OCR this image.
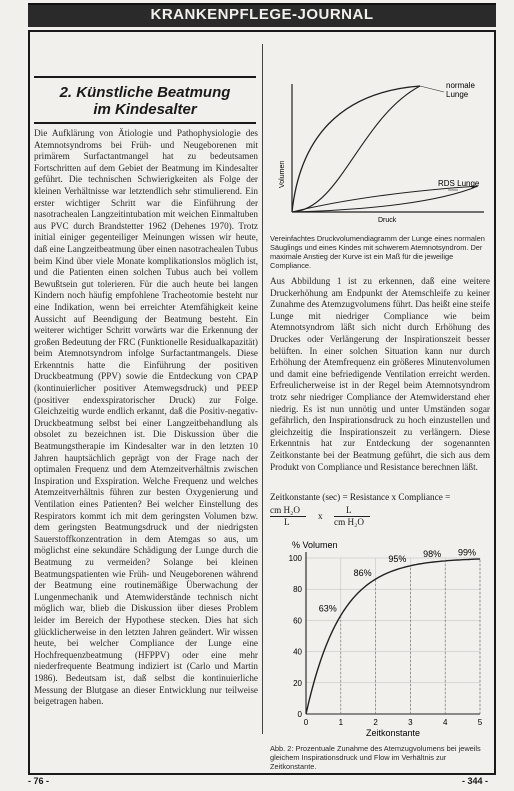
KRANKENPFLEGE-JOURNAL
2. Künstliche Beatmung
im Kindesalter
Die Aufklärung von Ätiologie und Pathophysiologie des Atemnotsyndroms bei Früh- und Neugeborenen mit primärem Surfactantmangel hat zu bedeutsamen Fortschritten auf dem Gebiet der Beatmung im Kindesalter geführt. Die technischen Schwierigkeiten als Folge der kleinen Verhältnisse war letztendlich sehr stimulierend. Ein erster wichtiger Schritt war die Einführung der nasotrachealen Langzeitintubation mit weichen Einmaltuben aus PVC durch Brandstetter 1962 (Dehenes 1970). Trotz initial einiger gegenteiliger Meinungen wissen wir heute, daß eine Langzeitbeatmung über einen nasotrachealen Tubus beim Kind über viele Monate komplikationslos möglich ist, und die Patienten einen solchen Tubus auch bei vollem Bewußtsein gut tolerieren. Für die auch heute bei langen Kindern noch häufig empfohlene Tracheotomie besteht nur eine Indikation, wenn bei erreichter Atemfähigkeit keine Aussicht auf Beendigung der Beatmung besteht. Ein weiterer wichtiger Schritt vorwärts war die Erkennung der großen Bedeutung der FRC (Funktionelle Residualkapazität) beim Atemnotsyndrom infolge Surfactantmangels. Diese Erkenntnis hatte die Einführung der positiven Druckbeatmung (PPV) sowie die Entdeckung von CPAP (kontinuierlicher positiver Atemwegsdruck) und PEEP (positiver endexspiratorischer Druck) zur Folge. Gleichzeitig wurde endlich erkannt, daß die Positiv-negativ-Druckbeatmung selbst bei einer Langzeitbehandlung als obsolet zu bezeichnen ist. Die Diskussion über die Beatmungstherapie im Kindesalter war in den letzten 10 Jahren hauptsächlich geprägt von der Frage nach der optimalen Frequenz und dem Atemzeitverhältnis zwischen Inspiration und Exspiration. Welche Frequenz und welches Atemzeitverhältnis führen zur besten Oxygenierung und Ventilation eines Patienten? Bei welcher Einstellung des Respirators kommt ich mit dem geringsten Volumen bzw. dem geringsten Beatmungsdruck und der niedrigsten Sauerstoffkonzentration in dem Atemgas so aus, um möglichst eine sekundäre Schädigung der Lunge durch die Beatmung zu vermeiden? Solange bei kleinen Beatmungspatienten wie Früh- und Neugeborenen während der Beatmung eine routinemäßige Überwachung der Lungenmechanik und Atemwiderstände technisch nicht möglich war, blieb die Diskussion über dieses Problem leider im Bereich der Hypothese stecken. Dies hat sich glücklicherweise in den letzten Jahren geändert. Wir wissen heute, bei welcher Compliance der Lunge eine Hochfrequenzbeatmung (HFPPV) oder eine mehr niederfrequente Beatmung indiziert ist (Carlo und Martin 1986). Bedeutsam ist, daß selbst die kontinuierliche Messung der Blutgase an dieser Entwicklung nur teilweise beigetragen haben.
normale
Lunge
RDS Lunge
Volumen
Druck
Vereinfachtes Druckvolumendiagramm der Lunge eines normalen Säuglings und eines Kindes mit schwerem Atemnotsyndrom. Der maximale Anstieg der Kurve ist ein Maß für die jeweilige Compliance.
Aus Abbildung 1 ist zu erkennen, daß eine weitere Druckerhöhung am Endpunkt der Atemschleife zu keiner Zunahme des Atemzugvolumens führt. Das heißt eine steife Lunge mit niedriger Compliance wie beim Atemnotsyndrom läßt sich nicht durch Erhöhung des Druckes oder Verlängerung der Inspirationszeit besser belüften. In einer solchen Situation kann nur durch Erhöhung der Atemfrequenz ein größeres Minutenvolumen und damit eine befriedigende Ventilation erreicht werden. Erfreulicherweise ist in der Regel beim Atemnotsyndrom trotz sehr niedriger Compliance der Atemwiderstand eher niedrig. Es ist nun unnötig und unter Umständen sogar gefährlich, den Inspirationsdruck zu hoch einzustellen und gleichzeitig die Inspirationszeit zu verlängern. Diese Erkenntnis hat zur Entdeckung der sogenannten Zeitkonstante bei der Beatmung geführt, die sich aus dem Produkt von Compliance und Resistance berechnen läßt.
Zeitkonstante (sec) = Resistance x Compliance =
cm H₂O
L
x
L
cm H₂O
% Volumen
Zeitkonstante
0
20
40
60
80
100
0	1	2	3	4	5
63%
86%
95% 98% 99%
Abb. 2: Prozentuale Zunahme des Atemzugvolumens bei jeweils gleichem Inspirationsdruck und Flow im Verhältnis zur Zeitkonstante.
- 76 -	- 344 -
